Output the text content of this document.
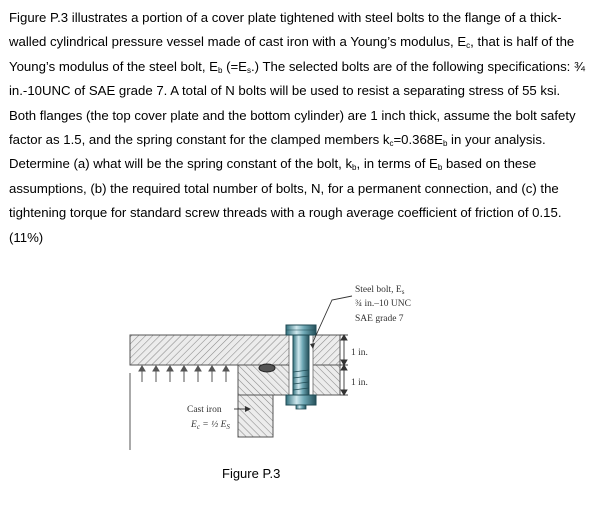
Figure P.3 illustrates a portion of a cover plate tightened with steel bolts to the flange of a thick-walled cylindrical pressure vessel made of cast iron with a Young’s modulus, $E_c$, that is half of the Young’s modulus of the steel bolt, $E_b$ $(=E_s.)$ The selected bolts are of the following specifications: ¾ in.-10UNC of SAE grade 7. A total of N bolts will be used to resist a separating stress of 55 ksi. Both flanges (the top cover plate and the bottom cylinder) are 1 inch thick, assume the bolt safety factor as 1.5, and the spring constant for the clamped members $k_c=0.368E_b$ in your analysis. Determine (a) what will be the spring constant of the bolt, $k_b$, in terms of $E_b$ based on these assumptions, (b) the required total number of bolts, N, for a permanent connection, and (c) the tightening torque for standard screw threads with a rough average coefficient of friction of 0.15. (11%)
1 in.
1 in.
Steel bolt, $E_s$
¾ in.–10 UNC
SAE grade 7
Cast iron
$E_c$ = ½ $E_S$
Figure P.3
